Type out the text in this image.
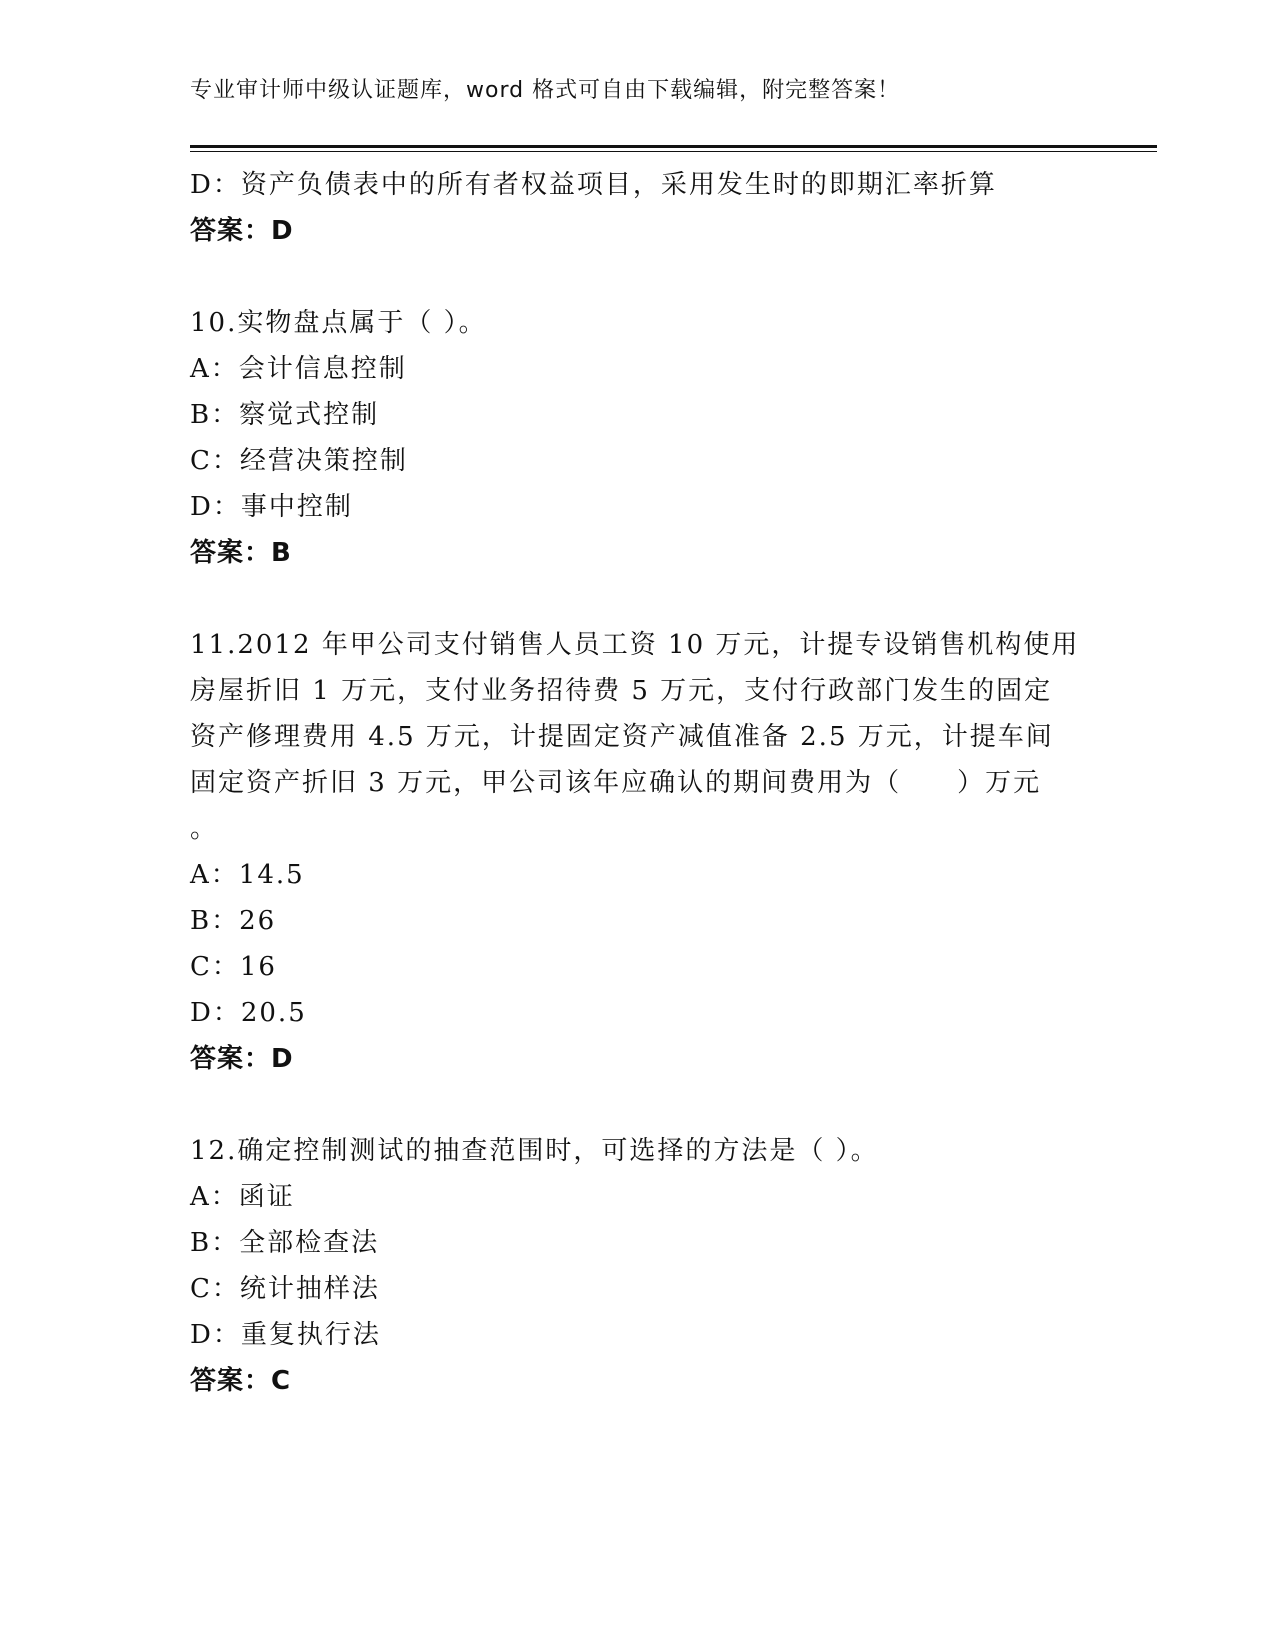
专业审计师中级认证题库，word 格式可自由下载编辑，附完整答案！
D：资产负债表中的所有者权益项目，采用发生时的即期汇率折算
答案：D
10.实物盘点属于（ ）。
A：会计信息控制
B：察觉式控制
C：经营决策控制
D：事中控制
答案：B
11.2012 年甲公司支付销售人员工资 10 万元，计提专设销售机构使用
房屋折旧 1 万元，支付业务招待费 5 万元，支付行政部门发生的固定
资产修理费用 4.5 万元，计提固定资产减值准备 2.5 万元，计提车间
固定资产折旧 3 万元，甲公司该年应确认的期间费用为（　　）万元
。
A：14.5
B：26
C：16
D：20.5
答案：D
12.确定控制测试的抽查范围时，可选择的方法是（ ）。
A：函证
B：全部检查法
C：统计抽样法
D：重复执行法
答案：C
